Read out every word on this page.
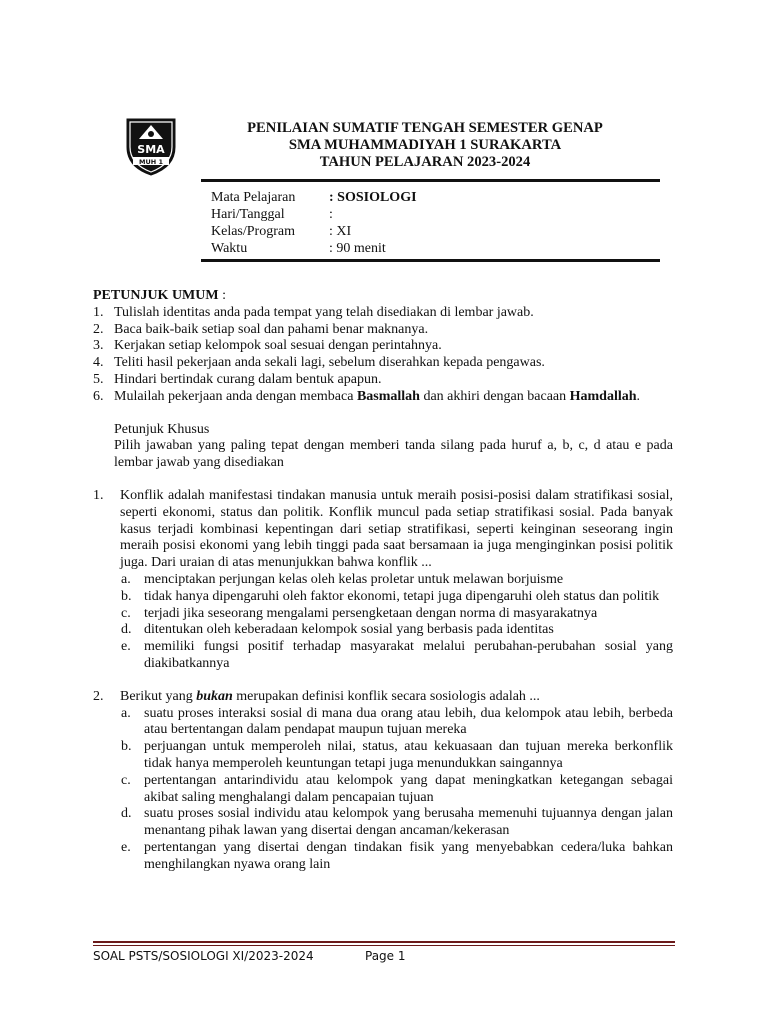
SMA
MUH 1
PENILAIAN SUMATIF TENGAH SEMESTER GENAP
SMA MUHAMMADIYAH 1 SURAKARTA
TAHUN PELAJARAN 2023-2024
Mata Pelajaran : SOSIOLOGI
Hari/Tanggal	:
Kelas/Program : XI
Waktu	: 90 menit
PETUNJUK UMUM :
1. Tulislah identitas anda pada tempat yang telah disediakan di lembar jawab.
2. Baca baik-baik setiap soal dan pahami benar maknanya.
3. Kerjakan setiap kelompok soal sesuai dengan perintahnya.
4. Teliti hasil pekerjaan anda sekali lagi, sebelum diserahkan kepada pengawas.
5. Hindari bertindak curang dalam bentuk apapun.
6. Mulailah pekerjaan anda dengan membaca Basmallah dan akhiri dengan bacaan Hamdallah.
Petunjuk Khusus
Pilih jawaban yang paling tepat dengan memberi tanda silang pada huruf a, b, c, d atau e pada lembar jawab yang disediakan
1. Konflik adalah manifestasi tindakan manusia untuk meraih posisi-posisi dalam stratifikasi sosial, seperti ekonomi, status dan politik. Konflik muncul pada setiap stratifikasi sosial. Pada banyak kasus terjadi kombinasi kepentingan dari setiap stratifikasi, seperti keinginan seseorang ingin meraih posisi ekonomi yang lebih tinggi pada saat bersamaan ia juga menginginkan posisi politik juga. Dari uraian di atas menunjukkan bahwa konflik ...
a. menciptakan perjungan kelas oleh kelas proletar untuk melawan borjuisme
b. tidak hanya dipengaruhi oleh faktor ekonomi, tetapi juga dipengaruhi oleh status dan politik
c. terjadi jika seseorang mengalami persengketaan dengan norma di masyarakatnya
d. ditentukan oleh keberadaan kelompok sosial yang berbasis pada identitas
e. memiliki fungsi positif terhadap masyarakat melalui perubahan-perubahan sosial yang diakibatkannya
2. Berikut yang bukan merupakan definisi konflik secara sosiologis adalah ...
a. suatu proses interaksi sosial di mana dua orang atau lebih, dua kelompok atau lebih, berbeda atau bertentangan dalam pendapat maupun tujuan mereka
b. perjuangan untuk memperoleh nilai, status, atau kekuasaan dan tujuan mereka berkonflik tidak hanya memperoleh keuntungan tetapi juga menundukkan saingannya
c. pertentangan antarindividu atau kelompok yang dapat meningkatkan ketegangan sebagai akibat saling menghalangi dalam pencapaian tujuan
d. suatu proses sosial individu atau kelompok yang berusaha memenuhi tujuannya dengan jalan menantang pihak lawan yang disertai dengan ancaman/kekerasan
e. pertentangan yang disertai dengan tindakan fisik yang menyebabkan cedera/luka bahkan menghilangkan nyawa orang lain
SOAL PSTS/SOSIOLOGI XI/2023-2024	Page 1
